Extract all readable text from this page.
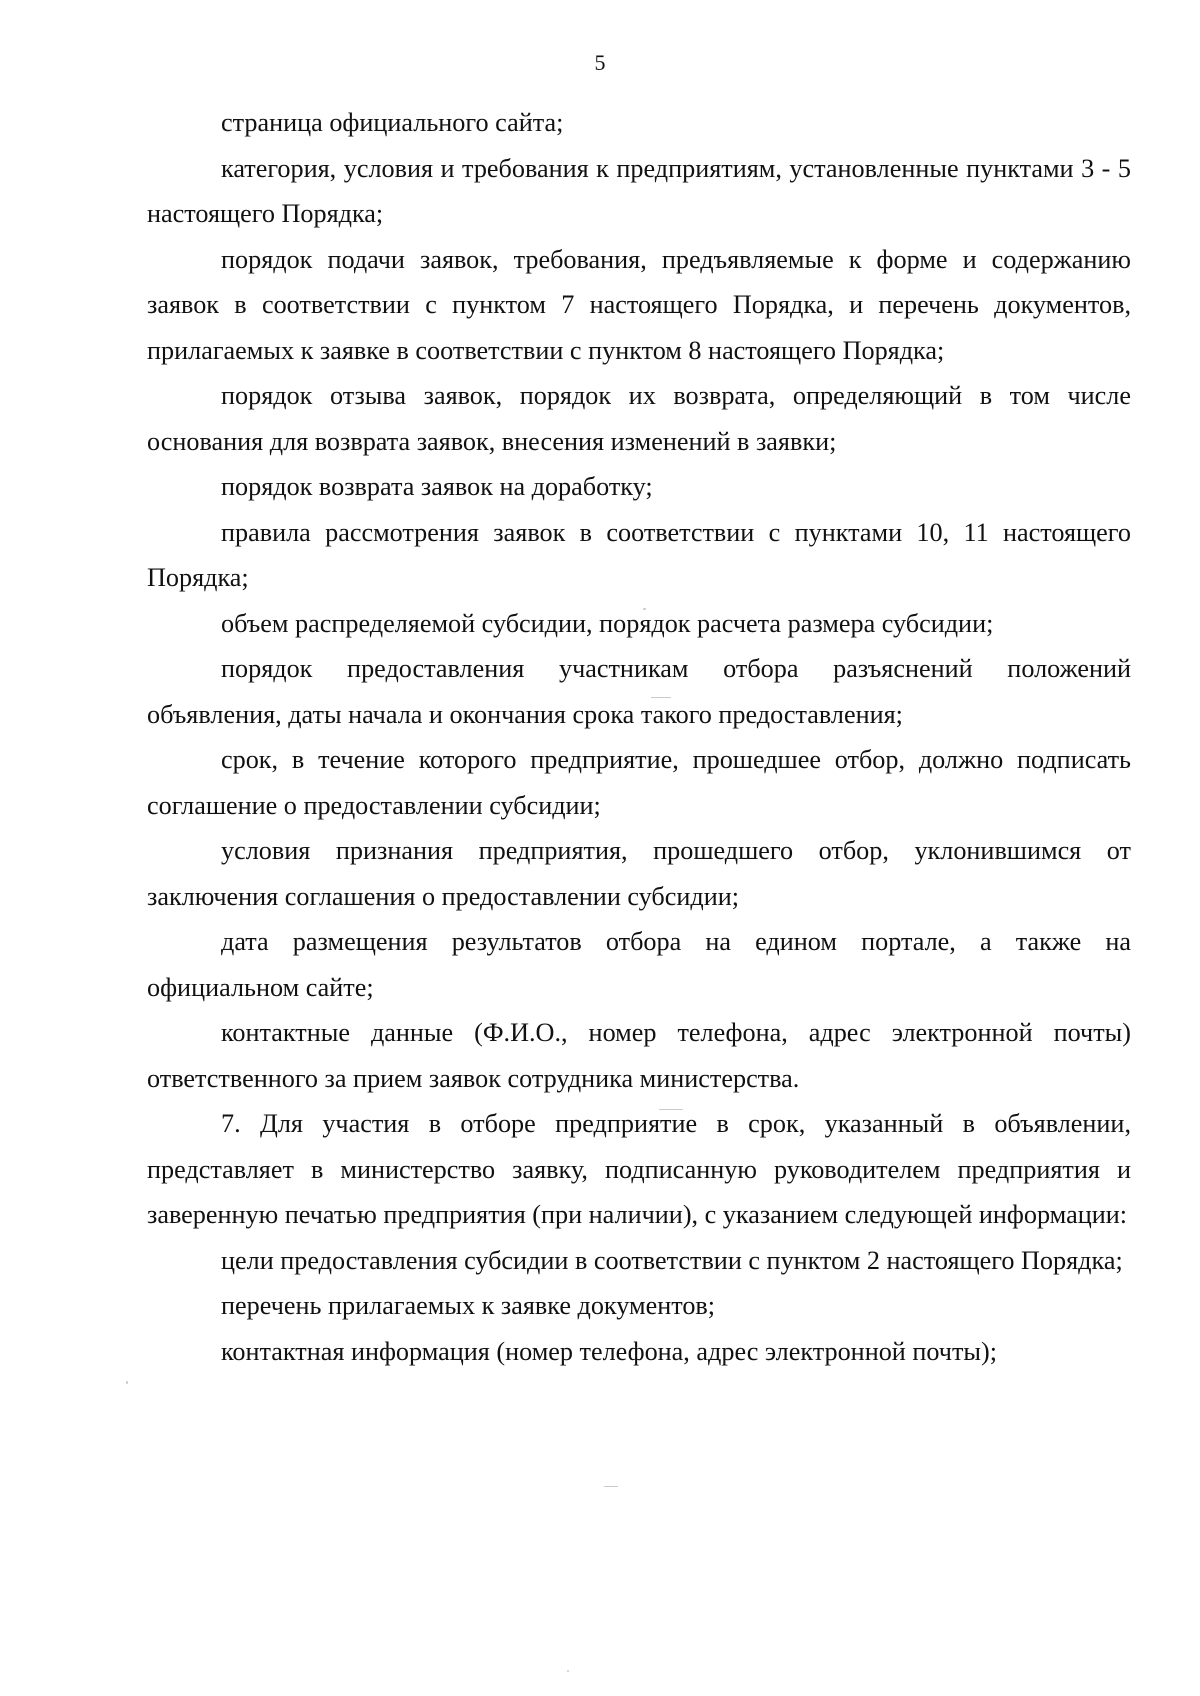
5

страница официального сайта;

категория, условия и требования к предприятиям, установленные пунктами 3 - 5 настоящего Порядка;

порядок подачи заявок, требования, предъявляемые к форме и содержанию заявок в соответствии с пунктом 7 настоящего Порядка, и перечень документов, прилагаемых к заявке в соответствии с пунктом 8 настоящего Порядка;

порядок отзыва заявок, порядок их возврата, определяющий в том числе основания для возврата заявок, внесения изменений в заявки;

порядок возврата заявок на доработку;

правила рассмотрения заявок в соответствии с пунктами 10, 11 настоящего Порядка;

объем распределяемой субсидии, порядок расчета размера субсидии;

порядок предоставления участникам отбора разъяснений положений объявления, даты начала и окончания срока такого предоставления;

срок, в течение которого предприятие, прошедшее отбор, должно подписать соглашение о предоставлении субсидии;

условия признания предприятия, прошедшего отбор, уклонившимся от заключения соглашения о предоставлении субсидии;

дата размещения результатов отбора на едином портале, а также на официальном сайте;

контактные данные (Ф.И.О., номер телефона, адрес электронной почты) ответственного за прием заявок сотрудника министерства.

7. Для участия в отборе предприятие в срок, указанный в объявлении, представляет в министерство заявку, подписанную руководителем предприятия и заверенную печатью предприятия (при наличии), с указанием следующей информации:

цели предоставления субсидии в соответствии с пунктом 2 настоящего Порядка;

перечень прилагаемых к заявке документов;

контактная информация (номер телефона, адрес электронной почты);
